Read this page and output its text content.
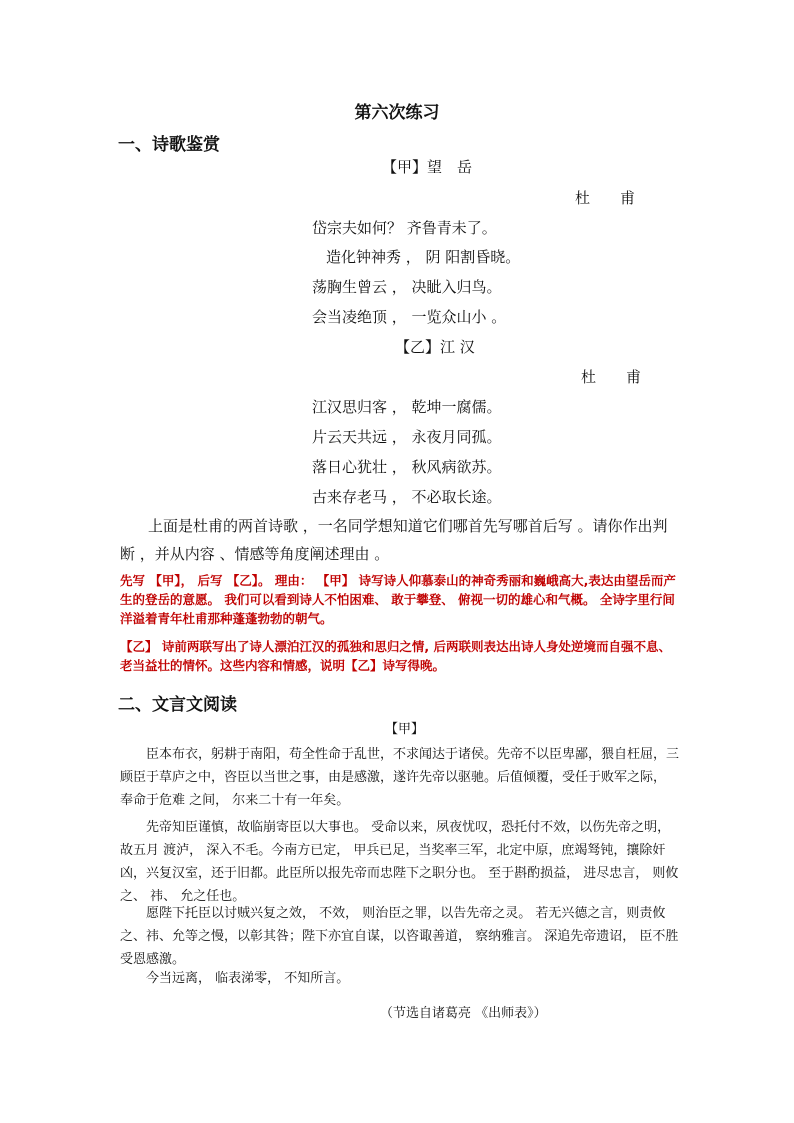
第六次练习
一、诗歌鉴赏
【甲】望　岳
杜 甫
岱宗夫如何？ 齐鲁青未了。
造化钟神秀 ， 阴 阳割昏晓。
荡胸生曾云 ， 决眦入归鸟。
会当凌绝顶 ， 一览众山小 。
【乙】江 汉
杜 甫
江汉思归客 ， 乾坤一腐儒。
片云天共远 ， 永夜月同孤。
落日心犹壮 ， 秋风病欲苏。
古来存老马 ， 不必取长途。
上面是杜甫的两首诗歌 ，一名同学想知道它们哪首先写哪首后写 。请你作出判断 ，并从内容 、情感等角度阐述理由 。
先写 【甲】， 后写 【乙】。 理由： 【甲】 诗写诗人仰慕泰山的神奇秀丽和巍峨高大,表达由望岳而产生的登岳的意愿。 我们可以看到诗人不怕困难、 敢于攀登、 俯视一切的雄心和气概。 全诗字里行间洋溢着青年杜甫那种蓬蓬勃勃的朝气。
【乙】 诗前两联写出了诗人漂泊江汉的孤独和思归之情, 后两联则表达出诗人身处逆境而自强不息、老当益壮的情怀。这些内容和情感，说明【乙】诗写得晚。
二、文言文阅读
【甲】
臣本布衣，躬耕于南阳，苟全性命于乱世，不求闻达于诸侯。先帝不以臣卑鄙，猥自枉屈，三顾臣于草庐之中，咨臣以当世之事，由是感激，遂许先帝以驱驰。后值倾覆，受任于败军之际， 奉命于危难 之间， 尔来二十有一年矣。
先帝知臣谨慎，故临崩寄臣以大事也。 受命以来，夙夜忧叹，恐托付不效，以伤先帝之明，故五月 渡泸， 深入不毛。今南方已定， 甲兵已足，当奖率三军，北定中原，庶竭驽钝，攘除奸凶，兴复汉室，还于旧都。此臣所以报先帝而忠陛下之职分也。 至于斟酌损益， 进尽忠言， 则攸之、 祎、 允之任也。
愿陛下托臣以讨贼兴复之效， 不效， 则治臣之罪，以告先帝之灵。 若无兴德之言，则责攸之、祎、允等之慢，以彰其咎；陛下亦宜自谋，以咨诹善道， 察纳雅言。 深追先帝遗诏， 臣不胜受恩感激。
今当远离， 临表涕零， 不知所言。
（节选自诸葛亮 《出师表》）
